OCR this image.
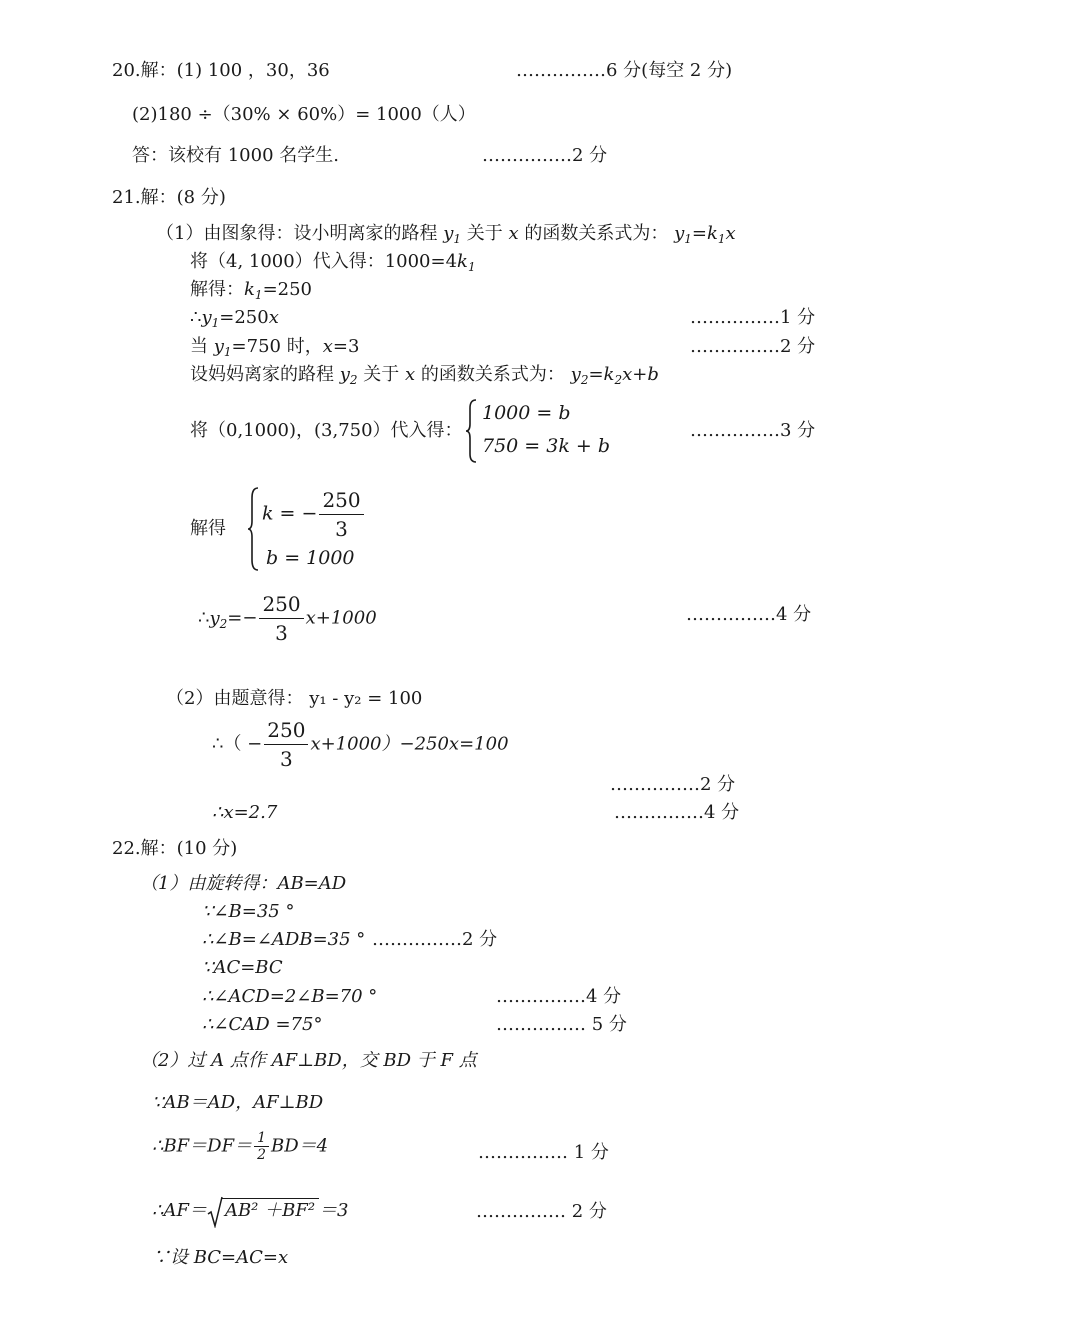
20.解：(1) 100 ，30，36	……………6 分(每空 2 分)
(2)180 ÷（30% × 60%）= 1000（人）
答：该校有 1000 名学生.	……………2 分
21.解：(8 分)
（1）由图象得：设小明离家的路程 $y_1$ 关于 x 的函数关系式为： $y_1=k_1x$
将（4, 1000）代入得：$1000=4k_1$
解得：$k_1=250$
$\therefore y_1=250x$	……………1 分
当 $y_1=750$ 时，x=3	……………2 分
设妈妈离家的路程 $y_2$ 关于 x 的函数关系式为： $y_2=k_2x+b$
将（0,1000)，(3,750）代入得：
1000 = b
750 = 3k + b
……………3 分
解得
k = − $\frac{250}{3}$
b = 1000
$\therefore y_2=- \frac{250}{3} x+1000$	……………4 分
（2）由题意得： y₁ - y₂ = 100
∴（ − $\frac{250}{3} x+1000)-250x=100$
……………2 分
∴x=2.7	……………4 分
22.解：(10 分)
（1）由旋转得：AB=AD
∵∠B=35 °
∴∠B=∠ADB=35 ° ……………2 分
∵AC=BC
∴∠ACD=2∠B=70 °	……………4 分
∴∠CAD =75°	…………… 5 分
（2）过 A 点作 AF⊥BD，交 BD 于 F 点
∵AB＝AD，AF⊥BD
∴BF＝DF＝ $\frac{1}{2} BD=4$	…………… 1 分
∴AF＝ AB² ＋BF² ＝3	…………… 2 分
∵设 BC=AC=x
